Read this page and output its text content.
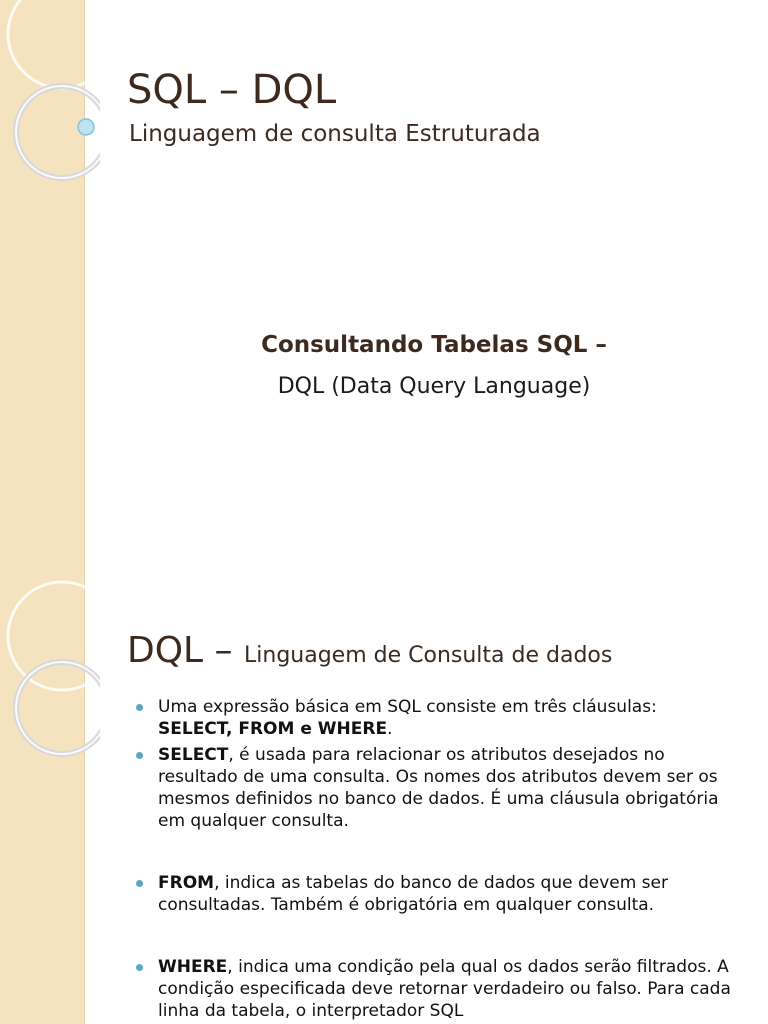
SQL – DQL

Linguagem de consulta Estruturada

Consultando Tabelas SQL –

DQL (Data Query Language)

DQL – Linguagem de Consulta de dados
Uma expressão básica em SQL consiste em três cláusulas:
SELECT, FROM e WHERE.
SELECT, é usada para relacionar os atributos desejados no resultado de uma consulta. Os nomes dos atributos devem ser os mesmos definidos no banco de dados. É uma cláusula obrigatória em qualquer consulta.
FROM, indica as tabelas do banco de dados que devem ser consultadas. Também é obrigatória em qualquer consulta.
WHERE, indica uma condição pela qual os dados serão filtrados. A condição especificada deve retornar verdadeiro ou falso. Para cada linha da tabela, o interpretador SQL
